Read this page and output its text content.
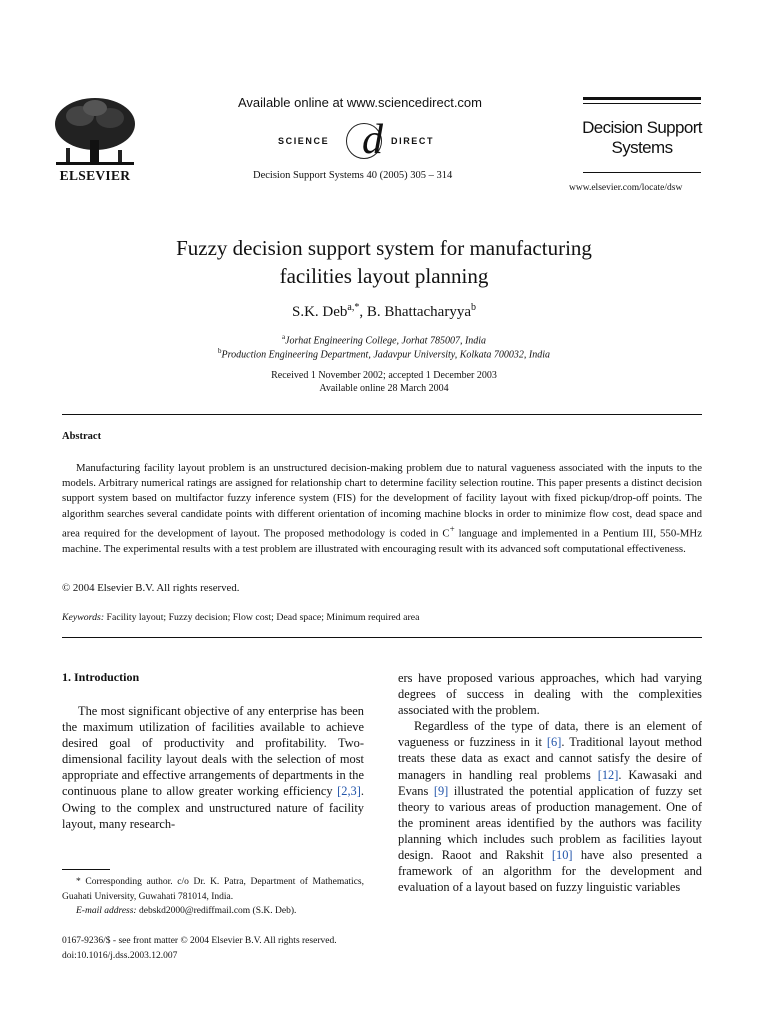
ELSEVIER
Available online at www.sciencedirect.com
SCIENCE d DIRECT
Decision Support Systems 40 (2005) 305 – 314
Decision Support
Systems
www.elsevier.com/locate/dsw
Fuzzy decision support system for manufacturing
facilities layout planning
S.K. Deb$^{a,*}$, B. Bhattacharyya$^b$
$^a$Jorhat Engineering College, Jorhat 785007, India
$^b$Production Engineering Department, Jadavpur University, Kolkata 700032, India
Received 1 November 2002; accepted 1 December 2003
Available online 28 March 2004
Abstract

Manufacturing facility layout problem is an unstructured decision-making problem due to natural vagueness associated with the inputs to the models. Arbitrary numerical ratings are assigned for relationship chart to determine facility selection routine. This paper presents a distinct decision support system based on multifactor fuzzy inference system (FIS) for the development of facility layout with fixed pickup/drop-off points. The algorithm searches several candidate points with different orientation of incoming machine blocks in order to minimize flow cost, dead space and area required for the development of layout. The proposed methodology is coded in C+ language and implemented in a Pentium III, 550-MHz machine. The experimental results with a test problem are illustrated with encouraging result with its advanced soft computational effectiveness.

© 2004 Elsevier B.V. All rights reserved.
Keywords: Facility layout; Fuzzy decision; Flow cost; Dead space; Minimum required area
1. Introduction

The most significant objective of any enterprise has been the maximum utilization of facilities available to achieve desired goal of productivity and profitability. Two-dimensional facility layout deals with the selection of most appropriate and effective arrangements of departments in the continuous plane to allow greater working efficiency [2,3]. Owing to the complex and unstructured nature of facility layout, many research-

ers have proposed various approaches, which had varying degrees of success in dealing with the complexities associated with the problem.

Regardless of the type of data, there is an element of vagueness or fuzziness in it [6]. Traditional layout method treats these data as exact and cannot satisfy the desire of managers in handling real problems [12]. Kawasaki and Evans [9] illustrated the potential application of fuzzy set theory to various areas of production management. One of the prominent areas identified by the authors was facility planning which includes such problem as facilities layout design. Raoot and Rakshit [10] have also presented a framework of an algorithm for the development and evaluation of a layout based on fuzzy linguistic variables

* Corresponding author. c/o Dr. K. Patra, Department of Mathematics, Guahati University, Guwahati 781014, India.
E-mail address: debskd2000@rediffmail.com (S.K. Deb).
0167-9236/$ - see front matter © 2004 Elsevier B.V. All rights reserved.
doi:10.1016/j.dss.2003.12.007
